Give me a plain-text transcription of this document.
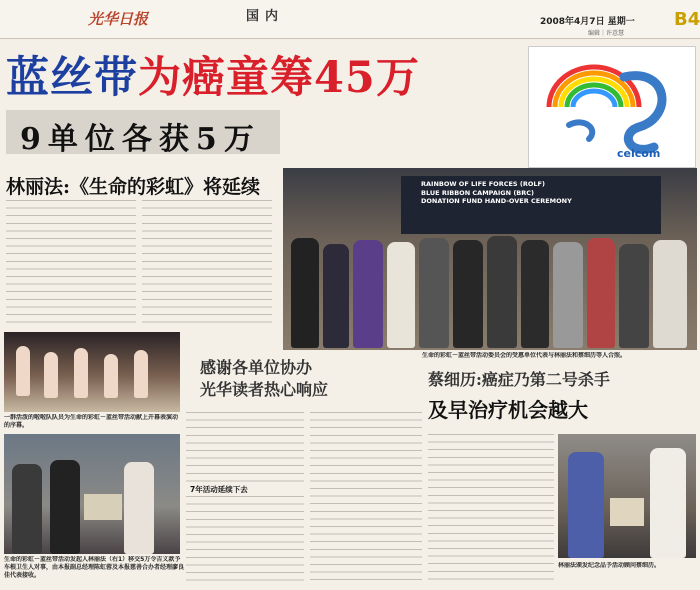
光华日报	国内	2008年4月7日 星期一 B4
编辑｜许意慧
蓝丝带为癌童筹45万
9单位各获5万	celcom
林丽法:《生命的彩虹》将延续	RAINBOW OF LIFE FORCES (ROLF)
BLUE RIBBON CAMPAIGN (BRC)
DONATION FUND HAND-OVER CEREMONY
生命的彩虹－蓝丝带活动委员会的受惠单位代表与林丽法和蔡细历等人合照。
一群活泼的啦啦队队员为生命的彩虹－蓝丝带活动献上开幕表演动的序幕。
生命的彩虹－蓝丝带活动发起人林丽法（右1）移交5万令吉义款予车根卫生人对事，由本报副总经理陈虹蓉及本报慈善合办者经理廖良佳代表接收。
感谢各单位协办
光华读者热心响应
7年活动延续下去
蔡细历:癌症乃第二号杀手
及早治疗机会越大
林丽法颁发纪念品予活动顾问蔡细历。
